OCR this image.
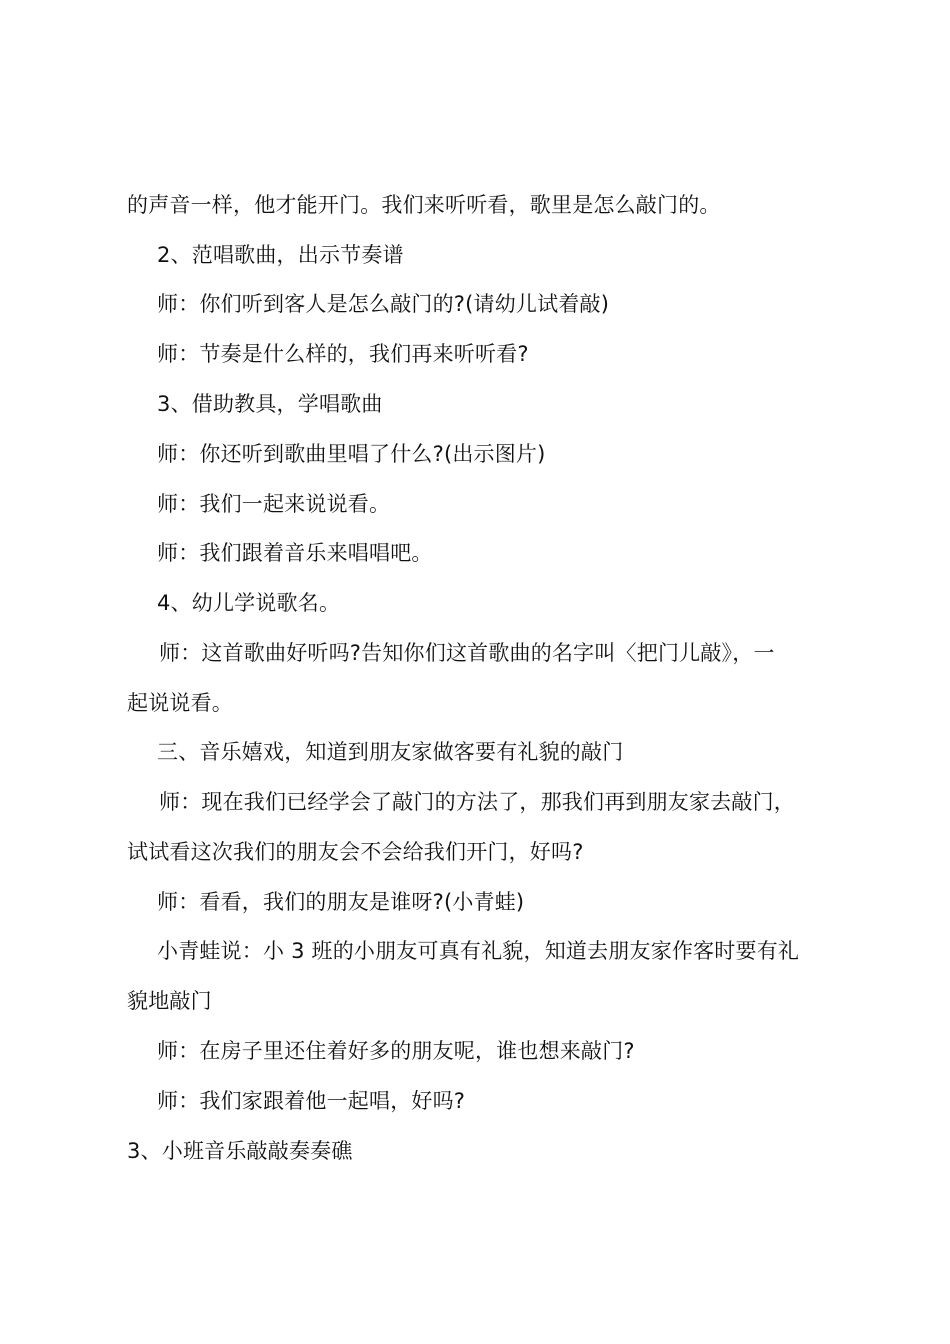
的声音一样，他才能开门。我们来听听看，歌里是怎么敲门的。
2、范唱歌曲，出示节奏谱
师：你们听到客人是怎么敲门的?(请幼儿试着敲)
师：节奏是什么样的，我们再来听听看?
3、借助教具，学唱歌曲
师：你还听到歌曲里唱了什么?(出示图片)
师：我们一起来说说看。
师：我们跟着音乐来唱唱吧。
4、幼儿学说歌名。
师：这首歌曲好听吗?告知你们这首歌曲的名字叫〈把门儿敲》，一
起说说看。
三、音乐嬉戏，知道到朋友家做客要有礼貌的敲门
师：现在我们已经学会了敲门的方法了，那我们再到朋友家去敲门，
试试看这次我们的朋友会不会给我们开门，好吗?
师：看看，我们的朋友是谁呀?(小青蛙)
小青蛙说：小 3 班的小朋友可真有礼貌，知道去朋友家作客时要有礼
貌地敲门
师：在房子里还住着好多的朋友呢，谁也想来敲门?
师：我们家跟着他一起唱，好吗?
3、小班音乐敲敲奏奏礁
